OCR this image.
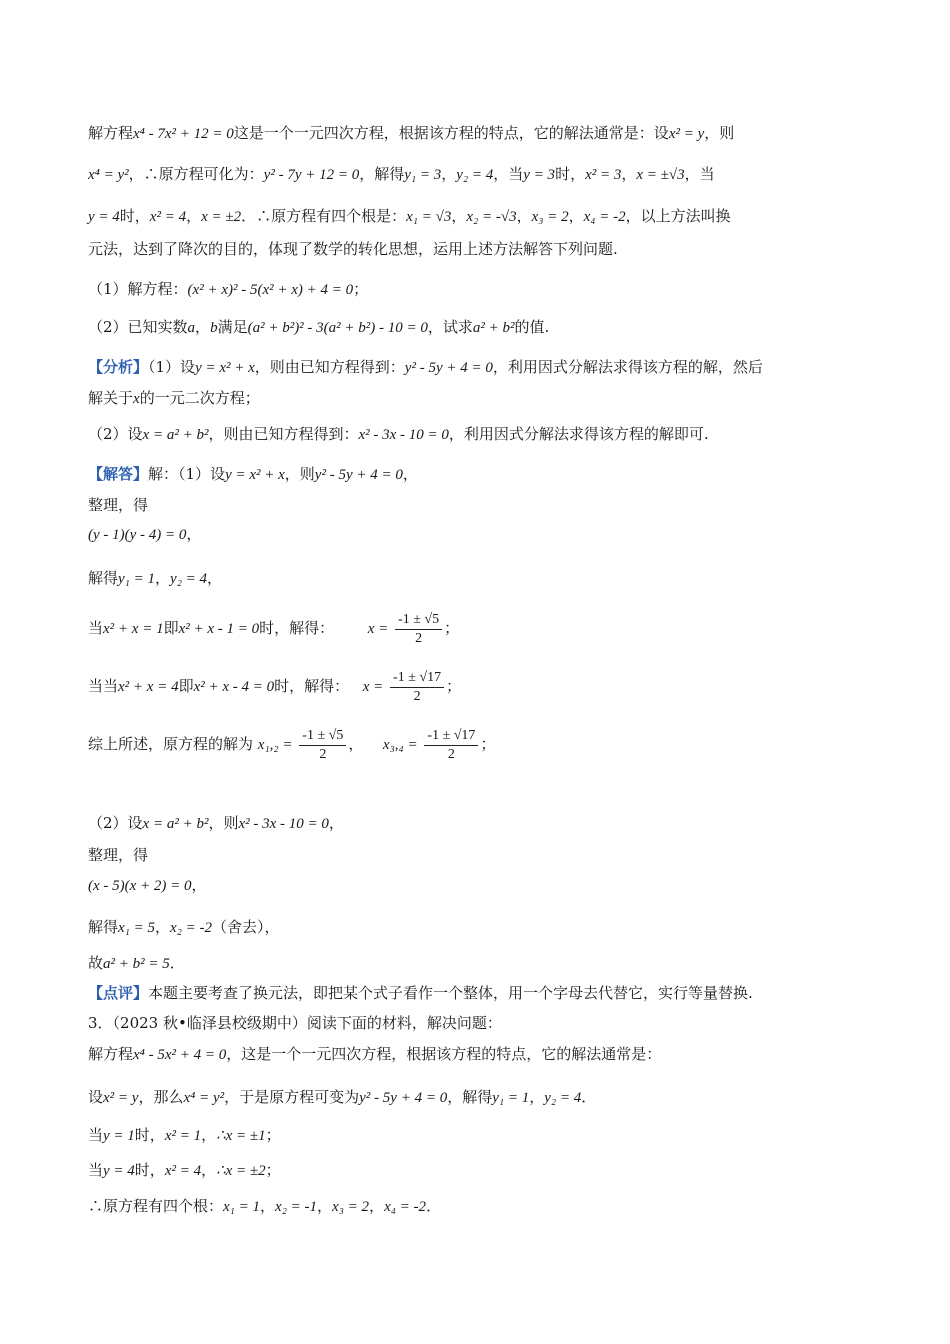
解方程x⁴ - 7x² + 12 = 0这是一个一元四次方程，根据该方程的特点，它的解法通常是：设x² = y，则
x⁴ = y²，∴原方程可化为：y² - 7y + 12 = 0，解得y₁ = 3，y₂ = 4，当y = 3时，x² = 3，x = ±√3，当
y = 4时，x² = 4，x = ±2．∴原方程有四个根是：x₁ = √3，x₂ = -√3，x₃ = 2，x₄ = -2，以上方法叫换
元法，达到了降次的目的，体现了数学的转化思想，运用上述方法解答下列问题.
（1）解方程：(x² + x)² - 5(x² + x) + 4 = 0；
（2）已知实数a，b满足(a² + b²)² - 3(a² + b²) - 10 = 0，试求a² + b²的值.
【分析】（1）设y = x² + x，则由已知方程得到：y² - 5y + 4 = 0，利用因式分解法求得该方程的解，然后
解关于x的一元二次方程；
（2）设x = a² + b²，则由已知方程得到：x² - 3x - 10 = 0，利用因式分解法求得该方程的解即可.
【解答】解：（1）设y = x² + x，则y² - 5y + 4 = 0，
整理，得
(y - 1)(y - 4) = 0，
解得y₁ = 1，y₂ = 4，
当x² + x = 1即x² + x - 1 = 0时，解得： $x = \frac{-1 \pm √5}{2}$ ；
当当x² + x = 4即x² + x - 4 = 0时，解得： $x = \frac{-1 \pm √17}{2}$ ；
综上所述，原方程的解为 $x_1,_2 = \frac{-1 \pm √5}{2}$ ， $x_3,_4 = \frac{-1 \pm √17}{2}$ ；
（2）设x = a² + b²，则x² - 3x - 10 = 0，
整理，得
(x - 5)(x + 2) = 0，
解得x₁ = 5，x₂ = -2（舍去），
故a² + b² = 5．
【点评】本题主要考查了换元法，即把某个式子看作一个整体，用一个字母去代替它，实行等量替换.
3．（2023 秋•临泽县校级期中）阅读下面的材料，解决问题：
解方程x⁴ - 5x² + 4 = 0，这是一个一元四次方程，根据该方程的特点，它的解法通常是：
设x² = y，那么x⁴ = y²，于是原方程可变为y² - 5y + 4 = 0，解得y₁ = 1，y₂ = 4．
当y = 1时，x² = 1，∴x = ±1；
当y = 4时，x² = 4，∴x = ±2；
∴原方程有四个根：x₁ = 1，x₂ = -1，x₃ = 2，x₄ = -2．
